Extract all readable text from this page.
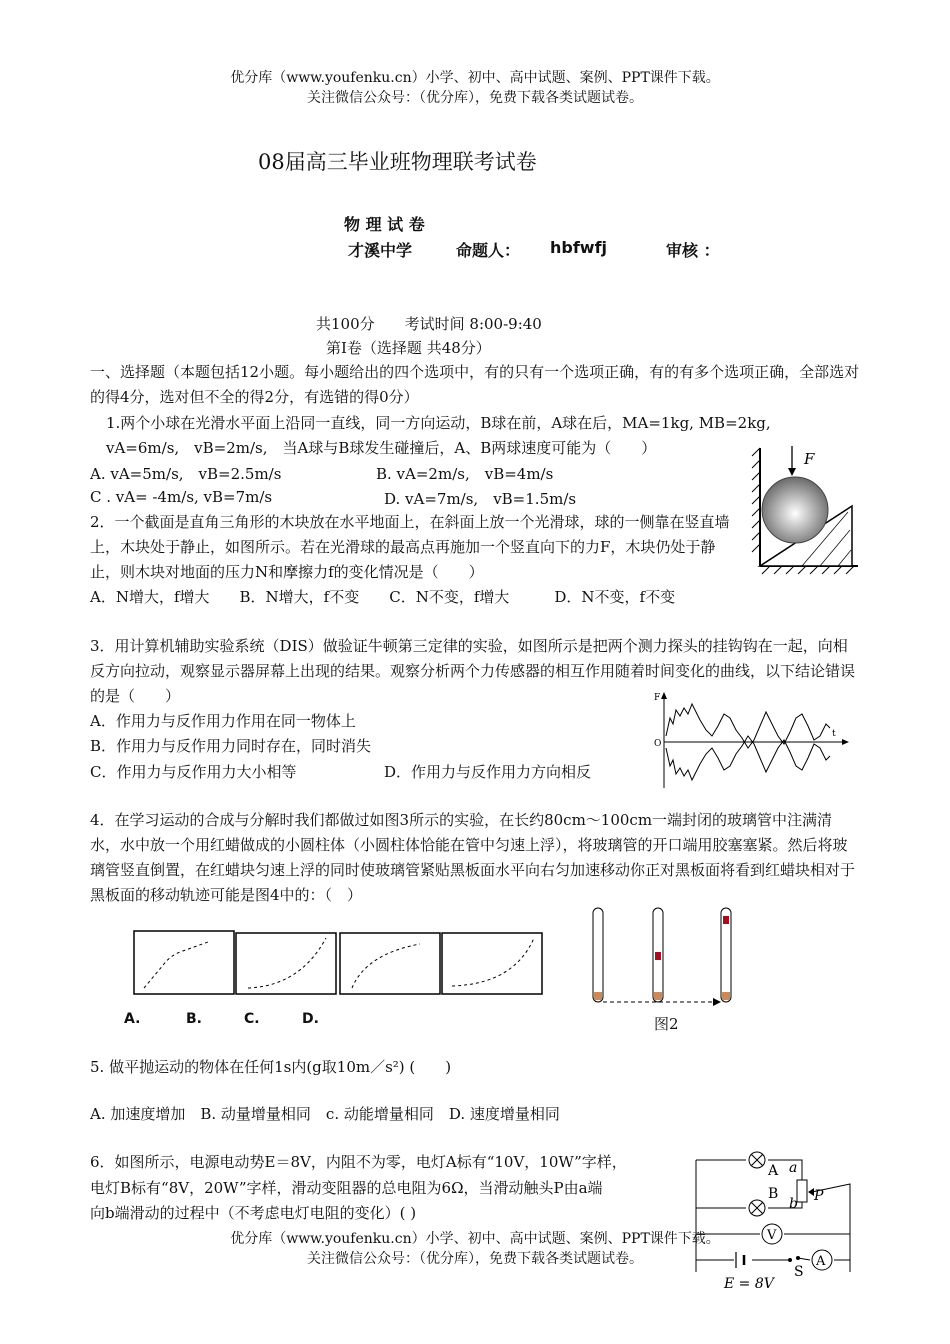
优分库（www.youfenku.cn）小学、初中、高中试题、案例、PPT课件下载。
关注微信公众号：（优分库），免费下载各类试题试卷。
08届高三毕业班物理联考试卷
物 理 试 卷
才溪中学	命题人： hbfwfj	审核 ：
共100分　　考试时间 8:00-9:40
第Ⅰ卷（选择题 共48分）
一、选择题（本题包括12小题。每小题给出的四个选项中，有的只有一个选项正确，有的有多个选项正确，全部选对的得4分，选对但不全的得2分，有选错的得0分）
1.两个小球在光滑水平面上沿同一直线，同一方向运动，B球在前，A球在后，MA=1kg, MB=2kg,
vA=6m/s,　vB=2m/s,　当A球与B球发生碰撞后，A、B两球速度可能为（　　）
A. vA=5m/s,　vB=2.5m/s	B. vA=2m/s,　vB=4m/s
C . vA= -4m/s, vB=7m/s	D. vA=7m/s,　vB=1.5m/s
F
2．一个截面是直角三角形的木块放在水平地面上，在斜面上放一个光滑球，球的一侧靠在竖直墙上，木块处于静止，如图所示。若在光滑球的最高点再施加一个竖直向下的力F，木块仍处于静止，则木块对地面的压力N和摩擦力f的变化情况是（　　）
A．N增大，f增大　　B．N增大，f不变　　C．N不变，f增大　　　D．N不变，f不变
3．用计算机辅助实验系统（DIS）做验证牛顿第三定律的实验，如图所示是把两个测力探头的挂钩钩在一起，向相反方向拉动，观察显示器屏幕上出现的结果。观察分析两个力传感器的相互作用随着时间变化的曲线，以下结论错误的是（　　）
A．作用力与反作用力作用在同一物体上
B．作用力与反作用力同时存在，同时消失
C．作用力与反作用力大小相等	D．作用力与反作用力方向相反
F
O
t
4．在学习运动的合成与分解时我们都做过如图3所示的实验，在长约80cm～100cm一端封闭的玻璃管中注满清水，水中放一个用红蜡做成的小圆柱体（小圆柱体恰能在管中匀速上浮），将玻璃管的开口端用胶塞塞紧。然后将玻璃管竖直倒置，在红蜡块匀速上浮的同时使玻璃管紧贴黑板面水平向右匀加速移动你正对黑板面将看到红蜡块相对于黑板面的移动轨迹可能是图4中的：（　）
A.	B.	C.	D.	图2
5. 做平抛运动的物体在任何1s内(g取10m／s²) (　　)
A. 加速度增加　B. 动量增量相同　c. 动能增量相同　D. 速度增量相同
6．如图所示，电源电动势E＝8V，内阻不为零，电灯A标有“10V，10W”字样，
电灯B标有“8V，20W”字样，滑动变阻器的总电阻为6Ω，当滑动触头P由a端
向b端滑动的过程中（不考虑电灯电阻的变化）( )
A a
B
b P
V
A
S
E = 8V
优分库（www.youfenku.cn）小学、初中、高中试题、案例、PPT课件下载。
关注微信公众号：（优分库），免费下载各类试题试卷。
